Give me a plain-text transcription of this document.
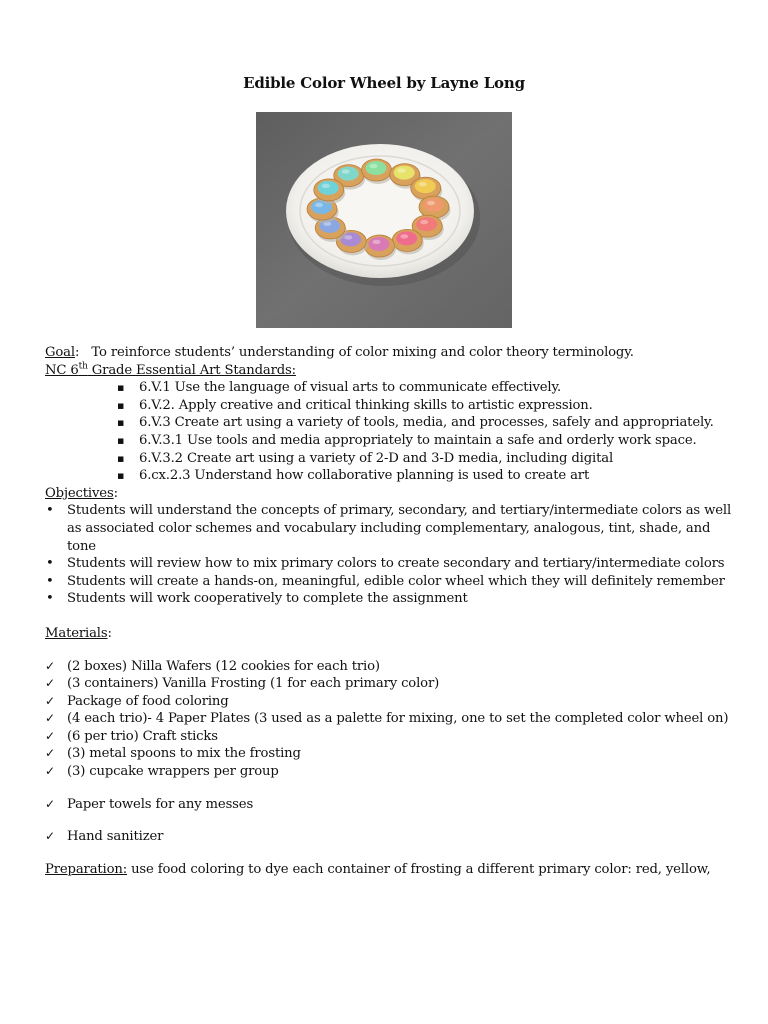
Edible Color Wheel by Layne Long
Goal:   To reinforce students’ understanding of color mixing and color theory terminology.
NC 6th Grade Essential Art Standards:
▪ 6.V.1 Use the language of visual arts to communicate effectively.
▪ 6.V.2. Apply creative and critical thinking skills to artistic expression.
▪ 6.V.3 Create art using a variety of tools, media, and processes, safely and appropriately.
▪ 6.V.3.1 Use tools and media appropriately to maintain a safe and orderly work space.
▪ 6.V.3.2 Create art using a variety of 2-D and 3-D media, including digital
▪ 6.cx.2.3 Understand how collaborative planning is used to create art
Objectives:
• Students will understand the concepts of primary, secondary, and tertiary/intermediate colors as well as associated color schemes and vocabulary including complementary, analogous, tint, shade, and tone
• Students will review how to mix primary colors to create secondary and tertiary/intermediate colors
• Students will create a hands-on, meaningful, edible color wheel which they will definitely remember
• Students will work cooperatively to complete the assignment
Materials:
✓ (2 boxes) Nilla Wafers (12 cookies for each trio)
✓ (3 containers) Vanilla Frosting (1 for each primary color)
✓ Package of food coloring
✓ (4 each trio)- 4 Paper Plates (3 used as a palette for mixing, one to set the completed color wheel on)
✓ (6 per trio) Craft sticks
✓ (3) metal spoons to mix the frosting
✓ (3) cupcake wrappers per group
✓ Paper towels for any messes
✓ Hand sanitizer
Preparation: use food coloring to dye each container of frosting a different primary color: red, yellow,
